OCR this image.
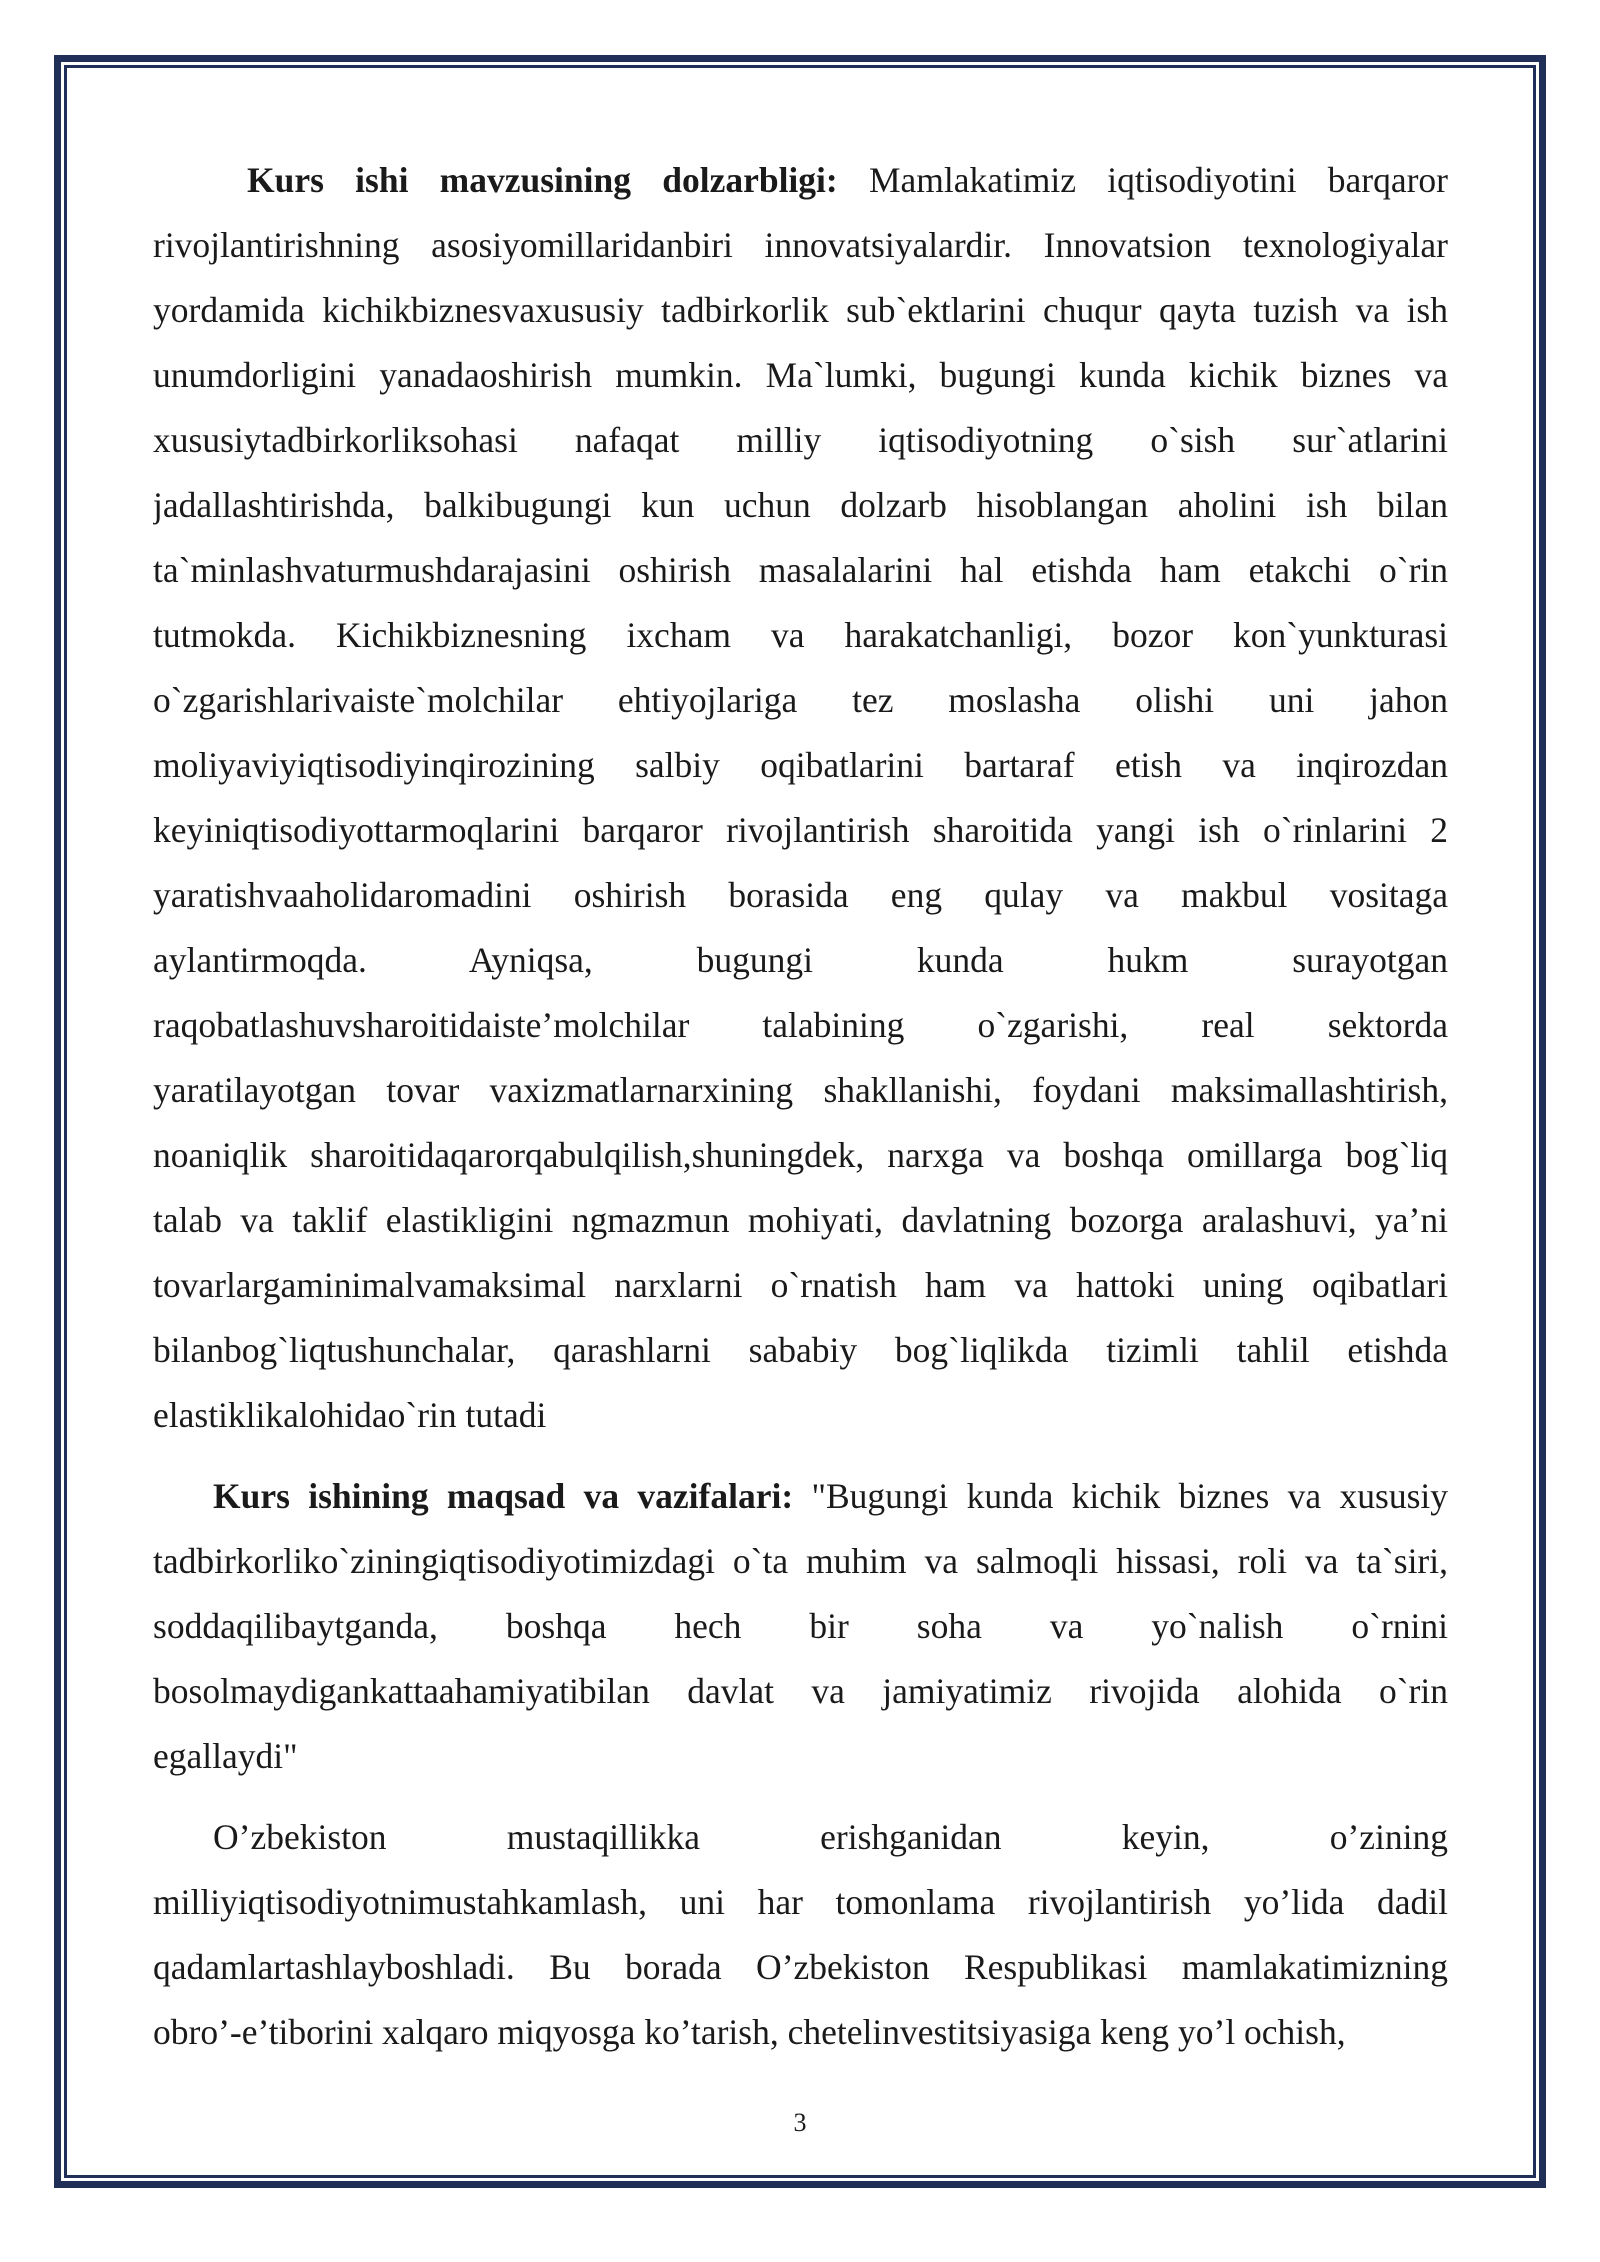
Kurs ishi mavzusining dolzarbligi: Mamlakatimiz iqtisodiyotini barqaror
rivojlantirishning asosiyomillaridanbiri innovatsiyalardir. Innovatsion texnologiyalar
yordamida kichikbiznesvaxususiy tadbirkorlik sub`ektlarini chuqur qayta tuzish va ish
unumdorligini yanadaoshirish mumkin. Ma`lumki, bugungi kunda kichik biznes va
xususiytadbirkorliksohasi nafaqat milliy iqtisodiyotning o`sish sur`atlarini
jadallashtirishda, balkibugungi kun uchun dolzarb hisoblangan aholini ish bilan
ta`minlashvaturmushdarajasini oshirish masalalarini hal etishda ham etakchi o`rin
tutmokda. Kichikbiznesning ixcham va harakatchanligi, bozor kon`yunkturasi
o`zgarishlarivaiste`molchilar ehtiyojlariga tez moslasha olishi uni jahon
moliyaviyiqtisodiyinqirozining salbiy oqibatlarini bartaraf etish va inqirozdan
keyiniqtisodiyottarmoqlarini barqaror rivojlantirish sharoitida yangi ish o`rinlarini 2
yaratishvaaholidaromadini oshirish borasida eng qulay va makbul vositaga
aylantirmoqda. Ayniqsa, bugungi kunda hukm surayotgan
raqobatlashuvsharoitidaiste’molchilar talabining o`zgarishi, real sektorda
yaratilayotgan tovar vaxizmatlarnarxining shakllanishi, foydani maksimallashtirish,
noaniqlik sharoitidaqarorqabulqilish,shuningdek, narxga va boshqa omillarga bog`liq
talab va taklif elastikligini ngmazmun mohiyati, davlatning bozorga aralashuvi, ya’ni
tovarlargaminimalvamaksimal narxlarni o`rnatish ham va hattoki uning oqibatlari
bilanbog`liqtushunchalar, qarashlarni sababiy bog`liqlikda tizimli tahlil etishda
elastiklikalohidao`rin tutadi
Kurs ishining maqsad va vazifalari: "Bugungi kunda kichik biznes va xususiy
tadbirkorliko`ziningiqtisodiyotimizdagi o`ta muhim va salmoqli hissasi, roli va ta`siri,
soddaqilibaytganda, boshqa hech bir soha va yo`nalish o`rnini
bosolmaydigankattaahamiyatibilan davlat va jamiyatimiz rivojida alohida o`rin
egallaydi"
O’zbekiston mustaqillikka erishganidan keyin, o’zining
milliyiqtisodiyotnimustahkamlash, uni har tomonlama rivojlantirish yo’lida dadil
qadamlartashlayboshladi. Bu borada O’zbekiston Respublikasi mamlakatimizning
obro’-e’tiborini xalqaro miqyosga ko’tarish, chetelinvestitsiyasiga keng yo’l ochish,
3
